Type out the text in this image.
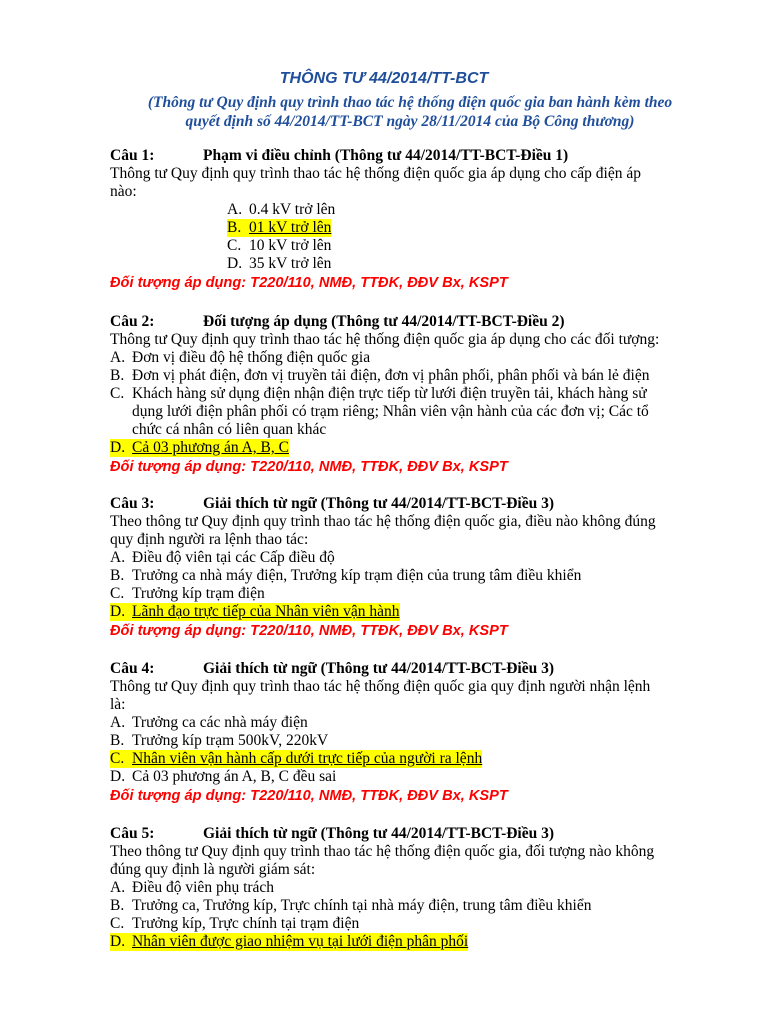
THÔNG TƯ 44/2014/TT-BCT
(Thông tư Quy định quy trình thao tác hệ thống điện quốc gia ban hành kèm theo
quyết định số 44/2014/TT-BCT ngày 28/11/2014 của Bộ Công thương)
Câu 1:	Phạm vi điều chỉnh (Thông tư 44/2014/TT-BCT-Điều 1)
Thông tư Quy định quy trình thao tác hệ thống điện quốc gia áp dụng cho cấp điện áp
nào:
A. 0.4 kV trở lên
B. 01 kV trở lên
C. 10 kV trở lên
D. 35 kV trở lên
Đối tượng áp dụng: T220/110, NMĐ, TTĐK, ĐĐV Bx, KSPT
Câu 2:	Đối tượng áp dụng (Thông tư 44/2014/TT-BCT-Điều 2)
Thông tư Quy định quy trình thao tác hệ thống điện quốc gia áp dụng cho các đối tượng:
A. Đơn vị điều độ hệ thống điện quốc gia
B. Đơn vị phát điện, đơn vị truyền tải điện, đơn vị phân phối, phân phối và bán lẻ điện
C. Khách hàng sử dụng điện nhận điện trực tiếp từ lưới điện truyền tải, khách hàng sử
dụng lưới điện phân phối có trạm riêng; Nhân viên vận hành của các đơn vị; Các tổ
chức cá nhân có liên quan khác
D. Cả 03 phương án A, B, C
Đối tượng áp dụng: T220/110, NMĐ, TTĐK, ĐĐV Bx, KSPT
Câu 3:	Giải thích từ ngữ (Thông tư 44/2014/TT-BCT-Điều 3)
Theo thông tư Quy định quy trình thao tác hệ thống điện quốc gia, điều nào không đúng
quy định người ra lệnh thao tác:
A. Điều độ viên tại các Cấp điều độ
B. Trưởng ca nhà máy điện, Trưởng kíp trạm điện của trung tâm điều khiển
C. Trưởng kíp trạm điện
D. Lãnh đạo trực tiếp của Nhân viên vận hành
Đối tượng áp dụng: T220/110, NMĐ, TTĐK, ĐĐV Bx, KSPT
Câu 4:	Giải thích từ ngữ (Thông tư 44/2014/TT-BCT-Điều 3)
Thông tư Quy định quy trình thao tác hệ thống điện quốc gia quy định người nhận lệnh
là:
A. Trưởng ca các nhà máy điện
B. Trưởng kíp trạm 500kV, 220kV
C. Nhân viên vận hành cấp dưới trực tiếp của người ra lệnh
D. Cả 03 phương án A, B, C đều sai
Đối tượng áp dụng: T220/110, NMĐ, TTĐK, ĐĐV Bx, KSPT
Câu 5:	Giải thích từ ngữ (Thông tư 44/2014/TT-BCT-Điều 3)
Theo thông tư Quy định quy trình thao tác hệ thống điện quốc gia, đối tượng nào không
đúng quy định là người giám sát:
A. Điều độ viên phụ trách
B. Trưởng ca, Trưởng kíp, Trực chính tại nhà máy điện, trung tâm điều khiển
C. Trưởng kíp, Trực chính tại trạm điện
D. Nhân viên được giao nhiệm vụ tại lưới điện phân phối
